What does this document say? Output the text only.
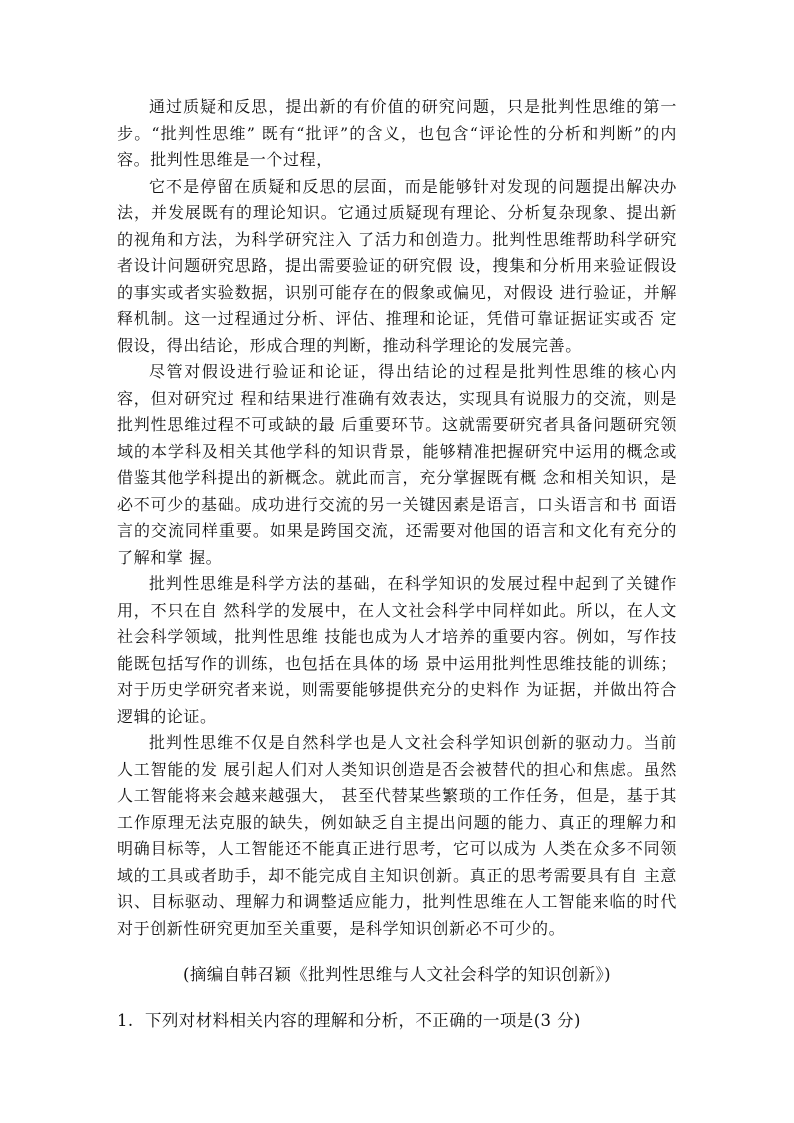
通过质疑和反思，提出新的有价值的研究问题，只是批判性思维的第一步。“批判性思维” 既有“批评”的含义，也包含“评论性的分析和判断”的内容。批判性思维是一个过程，

它不是停留在质疑和反思的层面，而是能够针对发现的问题提出解决办法，并发展既有的理论知识。它通过质疑现有理论、分析复杂现象、提出新的视角和方法，为科学研究注入 了活力和创造力。批判性思维帮助科学研究者设计问题研究思路，提出需要验证的研究假 设，搜集和分析用来验证假设的事实或者实验数据，识别可能存在的假象或偏见，对假设 进行验证，并解释机制。这一过程通过分析、评估、推理和论证，凭借可靠证据证实或否 定假设，得出结论，形成合理的判断，推动科学理论的发展完善。

尽管对假设进行验证和论证，得出结论的过程是批判性思维的核心内容，但对研究过 程和结果进行准确有效表达，实现具有说服力的交流，则是批判性思维过程不可或缺的最 后重要环节。这就需要研究者具备问题研究领域的本学科及相关其他学科的知识背景，能够精准把握研究中运用的概念或借鉴其他学科提出的新概念。就此而言，充分掌握既有概 念和相关知识，是必不可少的基础。成功进行交流的另一关键因素是语言，口头语言和书 面语言的交流同样重要。如果是跨国交流，还需要对他国的语言和文化有充分的了解和掌 握。

批判性思维是科学方法的基础，在科学知识的发展过程中起到了关键作用，不只在自 然科学的发展中，在人文社会科学中同样如此。所以，在人文社会科学领域，批判性思维 技能也成为人才培养的重要内容。例如，写作技能既包括写作的训练，也包括在具体的场 景中运用批判性思维技能的训练；对于历史学研究者来说，则需要能够提供充分的史料作 为证据，并做出符合逻辑的论证。

批判性思维不仅是自然科学也是人文社会科学知识创新的驱动力。当前人工智能的发 展引起人们对人类知识创造是否会被替代的担心和焦虑。虽然人工智能将来会越来越强大， 甚至代替某些繁琐的工作任务，但是，基于其工作原理无法克服的缺失，例如缺乏自主提出问题的能力、真正的理解力和明确目标等，人工智能还不能真正进行思考，它可以成为 人类在众多不同领域的工具或者助手，却不能完成自主知识创新。真正的思考需要具有自 主意识、目标驱动、理解力和调整适应能力，批判性思维在人工智能来临的时代对于创新性研究更加至关重要，是科学知识创新必不可少的。

(摘编自韩召颖《批判性思维与人文社会科学的知识创新》)

1. 下列对材料相关内容的理解和分析，不正确的一项是(3 分)
